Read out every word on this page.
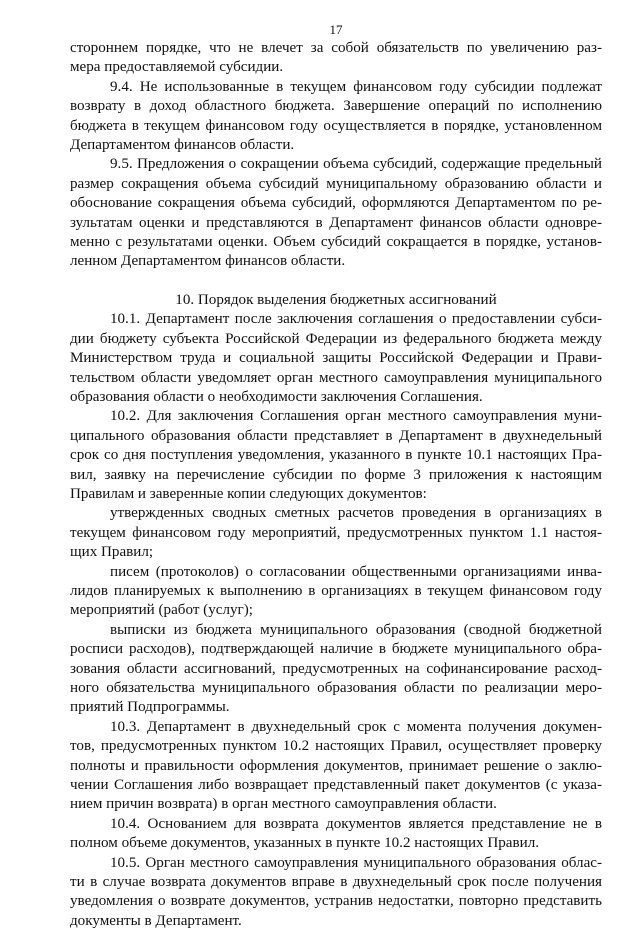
17
стороннем порядке, что не влечет за собой обязательств по увеличению раз-
мера предоставляемой субсидии.
9.4. Не использованные в текущем финансовом году субсидии подлежат
возврату в доход областного бюджета. Завершение операций по исполнению
бюджета в текущем финансовом году осуществляется в порядке, установленном
Департаментом финансов области.
9.5. Предложения о сокращении объема субсидий, содержащие предельный
размер сокращения объема субсидий муниципальному образованию области и
обоснование сокращения объема субсидий, оформляются Департаментом по ре-
зультатам оценки и представляются в Департамент финансов области одновре-
менно с результатами оценки. Объем субсидий сокращается в порядке, установ-
ленном Департаментом финансов области.
10. Порядок выделения бюджетных ассигнований
10.1. Департамент после заключения соглашения о предоставлении субси-
дии бюджету субъекта Российской Федерации из федерального бюджета между
Министерством труда и социальной защиты Российской Федерации и Прави-
тельством области уведомляет орган местного самоуправления муниципального
образования области о необходимости заключения Соглашения.
10.2. Для заключения Соглашения орган местного самоуправления муни-
ципального образования области представляет в Департамент в двухнедельный
срок со дня поступления уведомления, указанного в пункте 10.1 настоящих Пра-
вил, заявку на перечисление субсидии по форме 3 приложения к настоящим
Правилам и заверенные копии следующих документов:
утвержденных сводных сметных расчетов проведения в организациях в
текущем финансовом году мероприятий, предусмотренных пунктом 1.1 настоя-
щих Правил;
писем (протоколов) о согласовании общественными организациями инва-
лидов планируемых к выполнению в организациях в текущем финансовом году
мероприятий (работ (услуг);
выписки из бюджета муниципального образования (сводной бюджетной
росписи расходов), подтверждающей наличие в бюджете муниципального обра-
зования области ассигнований, предусмотренных на софинансирование расход-
ного обязательства муниципального образования области по реализации меро-
приятий Подпрограммы.
10.3. Департамент в двухнедельный срок с момента получения докумен-
тов, предусмотренных пунктом 10.2 настоящих Правил, осуществляет проверку
полноты и правильности оформления документов, принимает решение о заклю-
чении Соглашения либо возвращает представленный пакет документов (с указа-
нием причин возврата) в орган местного самоуправления области.
10.4. Основанием для возврата документов является представление не в
полном объеме документов, указанных в пункте 10.2 настоящих Правил.
10.5. Орган местного самоуправления муниципального образования облас-
ти в случае возврата документов вправе в двухнедельный срок после получения
уведомления о возврате документов, устранив недостатки, повторно представить
документы в Департамент.
